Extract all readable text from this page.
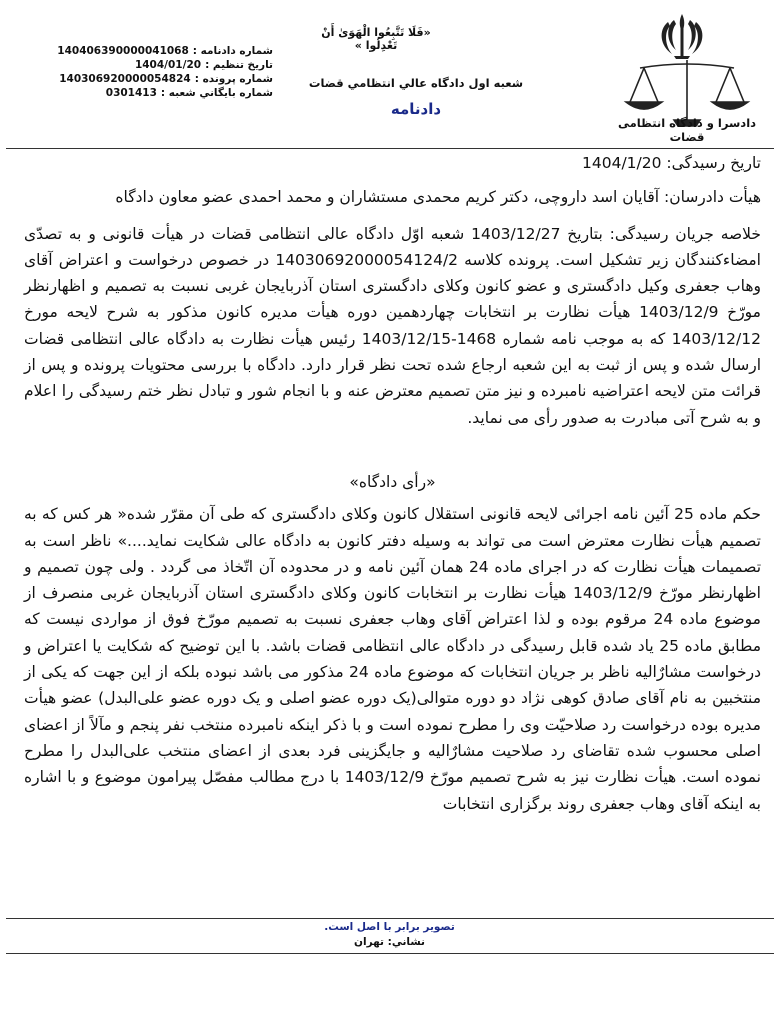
دادسرا و دادگاه انتظامی قضات
«فَلَا تَتَّبِعُوا الْهَوَىٰ أَنْ تَعْدِلُوا »
شعبه اول دادگاه عالي انتظامي قضات
دادنامه
شماره دادنامه :
140406390000041068
تاريخ تنظيم :
1404/01/20
شماره پرونده :
140306920000054824
شماره بايگاني شعبه :
0301413

تاریخ رسیدگی: 1404/1/20

هیأت دادرسان: آقایان اسد داروچی، دکتر کریم محمدی مستشاران و محمد احمدی عضو معاون دادگاه

خلاصه جریان رسیدگی: بتاریخ 1403/12/27 شعبه اوّل دادگاه عالی انتظامی قضات در هیأت قانونی و به تصدّی امضاءکنندگان زیر تشکیل است. پرونده کلاسه 14030692000054124/2 در خصوص درخواست و اعتراض آقای وهاب جعفری وکیل دادگستری و عضو کانون وکلای دادگستری استان آذربایجان غربی نسبت به تصمیم و اظهارنظر مورّخ 1403/12/9 هیأت نظارت بر انتخابات چهاردهمین دوره هیأت مدیره کانون مذکور به شرح لایحه مورخ 1403/12/12 که به موجب نامه شماره 1468-1403/12/15 رئیس هیأت نظارت به دادگاه عالی انتظامی قضات ارسال شده و پس از ثبت به این شعبه ارجاع شده تحت نظر قرار دارد. دادگاه با بررسی محتویات پرونده و پس از قرائت متن لایحه اعتراضیه نامبرده و نیز متن تصمیم معترض عنه و با انجام شور و تبادل نظر ختم رسیدگی را اعلام و به شرح آتی مبادرت به صدور رأی می نماید.

«رأی دادگاه»

حکم ماده 25 آئین نامه اجرائی لایحه قانونی استقلال کانون وکلای دادگستری که طی آن مقرّر شده« هر کس که به تصمیم هیأت نظارت معترض است می تواند به وسیله دفتر کانون به دادگاه عالی شکایت نماید....» ناظر است به تصمیمات هیأت نظارت که در اجرای ماده 24 همان آئین نامه و در محدوده آن اتّخاذ می گردد . ولی چون تصمیم و اظهارنظر مورّخ 1403/12/9 هیأت نظارت بر انتخابات کانون وکلای دادگستری استان آذربایجان غربی منصرف از موضوع ماده 24 مرقوم بوده و لذا اعتراض آقای وهاب جعفری نسبت به تصمیم مورّخ فوق از مواردی نیست که مطابق ماده 25 یاد شده قابل رسیدگی در دادگاه عالی انتظامی قضات باشد. با این توضیح که شکایت یا اعتراض و درخواست مشارٌالیه ناظر بر جریان انتخابات که موضوع ماده 24 مذکور می باشد نبوده بلکه از این جهت که یکی از منتخبین به نام آقای صادق کوهی نژاد دو دوره متوالی(یک دوره عضو اصلی و یک دوره عضو علی‌البدل) عضو هیأت مدیره بوده درخواست رد صلاحیّت وی را مطرح نموده است و با ذکر اینکه نامبرده منتخب نفر پنجم و مآلاً از اعضای اصلی محسوب شده تقاضای رد صلاحیت مشارٌالیه و جایگزینی فرد بعدی از اعضای منتخب علی‌البدل را مطرح نموده است. هیأت نظارت نیز به شرح تصمیم مورّخ 1403/12/9 با درج مطالب مفصّل پیرامون موضوع و با اشاره به اینکه آقای وهاب جعفری روند برگزاری انتخابات

تصوير برابر با اصل است.
نشاني: تهران
